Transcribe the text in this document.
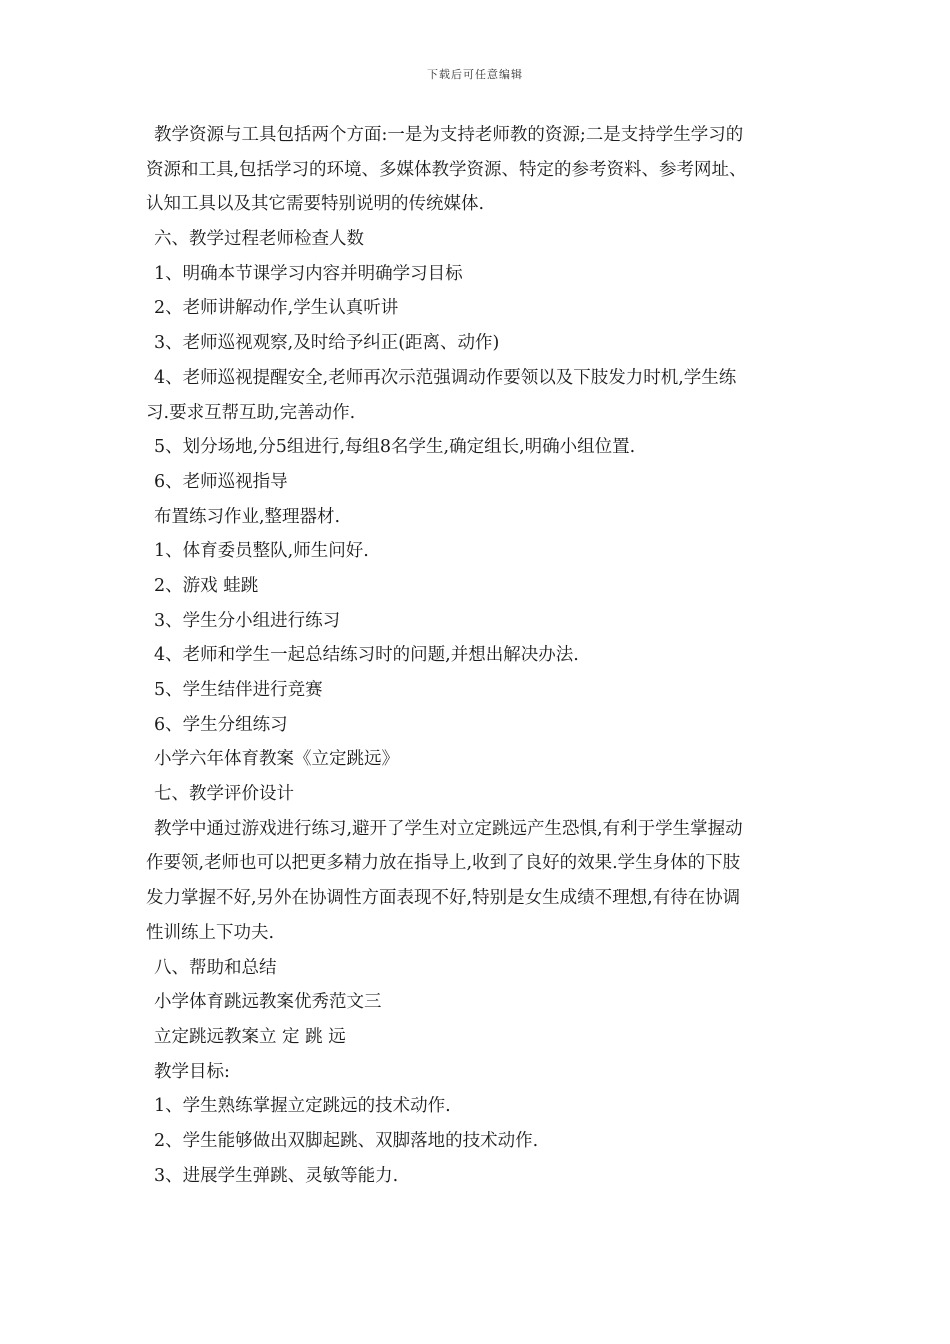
下载后可任意编辑
教学资源与工具包括两个方面:一是为支持老师教的资源;二是支持学生学习的
资源和工具,包括学习的环境、多媒体教学资源、特定的参考资料、参考网址、
认知工具以及其它需要特别说明的传统媒体.
六、教学过程老师检查人数
1、明确本节课学习内容并明确学习目标
2、老师讲解动作,学生认真听讲
3、老师巡视观察,及时给予纠正(距离、动作)
4、老师巡视提醒安全,老师再次示范强调动作要领以及下肢发力时机,学生练
习.要求互帮互助,完善动作.
5、划分场地,分5组进行,每组8名学生,确定组长,明确小组位置.
6、老师巡视指导
布置练习作业,整理器材.
1、体育委员整队,师生问好.
2、游戏 蛙跳
3、学生分小组进行练习
4、老师和学生一起总结练习时的问题,并想出解决办法.
5、学生结伴进行竞赛
6、学生分组练习
小学六年体育教案《立定跳远》
七、教学评价设计
教学中通过游戏进行练习,避开了学生对立定跳远产生恐惧,有利于学生掌握动
作要领,老师也可以把更多精力放在指导上,收到了良好的效果.学生身体的下肢
发力掌握不好,另外在协调性方面表现不好,特别是女生成绩不理想,有待在协调
性训练上下功夫.
八、帮助和总结
小学体育跳远教案优秀范文三
立定跳远教案立 定 跳 远
教学目标:
1、学生熟练掌握立定跳远的技术动作.
2、学生能够做出双脚起跳、双脚落地的技术动作.
3、进展学生弹跳、灵敏等能力.
